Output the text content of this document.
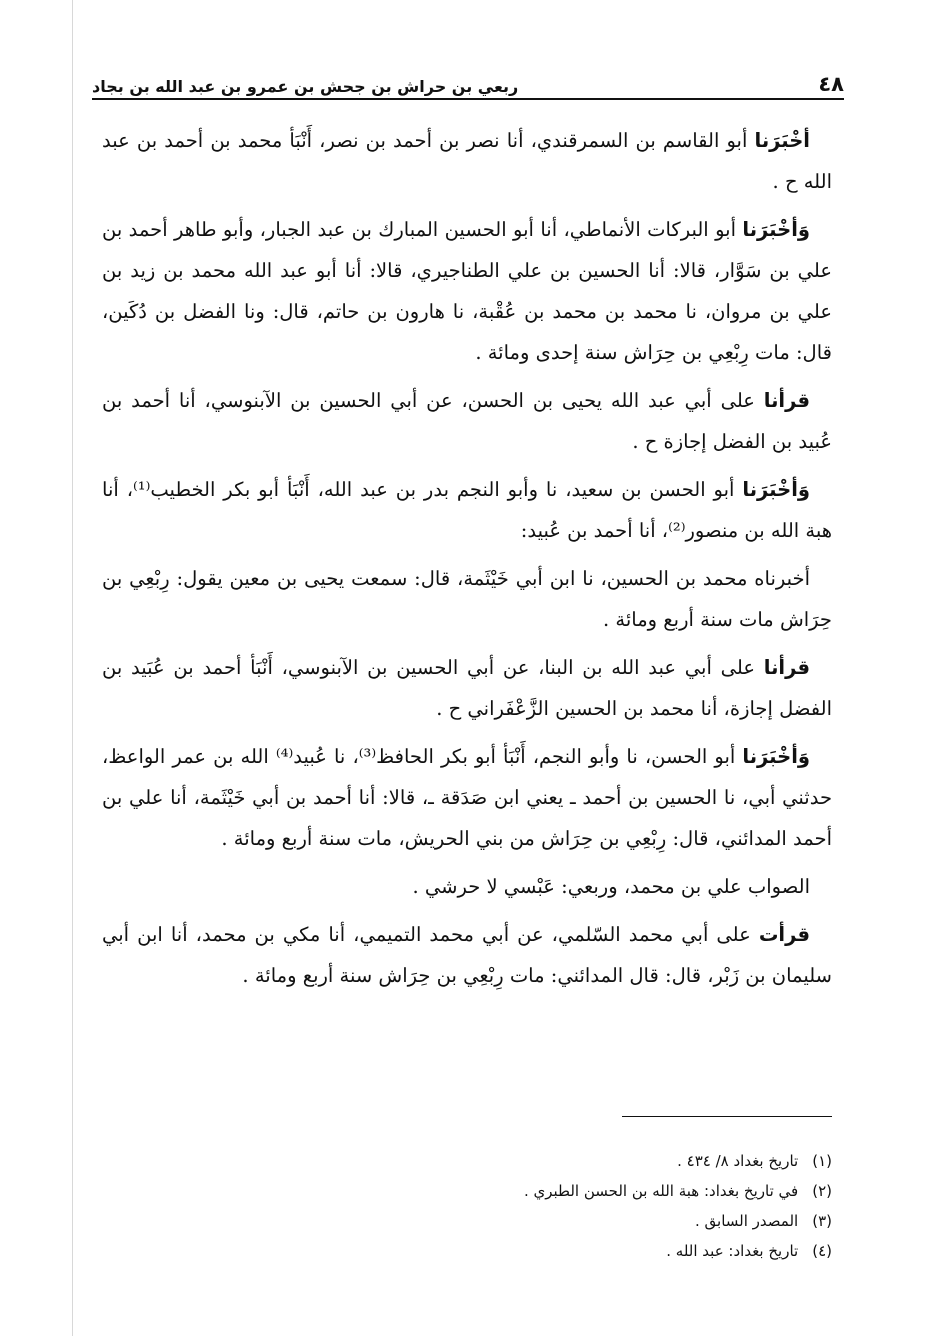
٤٨
ربعي بن حراش بن جحش بن عمرو بن عبد الله بن بجاد

أخْبَرَنا أبو القاسم بن السمرقندي، أنا نصر بن أحمد بن نصر، أَنْبَأ محمد بن أحمد بن عبد الله ح .

وَأخْبَرَنا أبو البركات الأنماطي، أنا أبو الحسين المبارك بن عبد الجبار، وأبو طاهر أحمد بن علي بن سَوَّار، قالا: أنا الحسين بن علي الطناجيري، قالا: أنا أبو عبد الله محمد بن زيد بن علي بن مروان، نا محمد بن محمد بن عُقْبة، نا هارون بن حاتم، قال: ونا الفضل بن دُكَين، قال: مات رِبْعِي بن حِرَاش سنة إحدى ومائة .

قرأنا على أبي عبد الله يحيى بن الحسن، عن أبي الحسين بن الآبنوسي، أنا أحمد بن عُبيد بن الفضل إجازة ح .

وَأخْبَرَنا أبو الحسن بن سعيد، نا وأبو النجم بدر بن عبد الله، أَنْبَأ أبو بكر الخطيب⁽¹⁾، أنا هبة الله بن منصور⁽²⁾، أنا أحمد بن عُبيد:

أخبرناه محمد بن الحسين، نا ابن أبي خَيْثَمة، قال: سمعت يحيى بن معين يقول: رِبْعِي بن حِرَاش مات سنة أربع ومائة .

قرأنا على أبي عبد الله بن البنا، عن أبي الحسين بن الآبنوسي، أَنْبَأ أحمد بن عُبَيد بن الفضل إجازة، أنا محمد بن الحسين الزَّعْفَراني ح .

وَأخْبَرَنا أبو الحسن، نا وأبو النجم، أَنْبَأ أبو بكر الحافظ⁽³⁾، نا عُبيد⁽⁴⁾ الله بن عمر الواعظ، حدثني أبي، نا الحسين بن أحمد ـ يعني ابن صَدَقة ـ، قالا: أنا أحمد بن أبي خَيْثَمة، أنا علي بن أحمد المدائني، قال: رِبْعِي بن حِرَاش من بني الحريش، مات سنة أربع ومائة .

الصواب علي بن محمد، وربعي: عَبْسي لا حرشي .

قرأت على أبي محمد السّلمي، عن أبي محمد التميمي، أنا مكي بن محمد، أنا ابن أبي سليمان بن زَبْر، قال: قال المدائني: مات رِبْعِي بن حِرَاش سنة أربع ومائة .

(١)
تاريخ بغداد ٨/ ٤٣٤ .
(٢)
في تاريخ بغداد: هبة الله بن الحسن الطبري .
(٣)
المصدر السابق .
(٤)
تاريخ بغداد: عبد الله .
